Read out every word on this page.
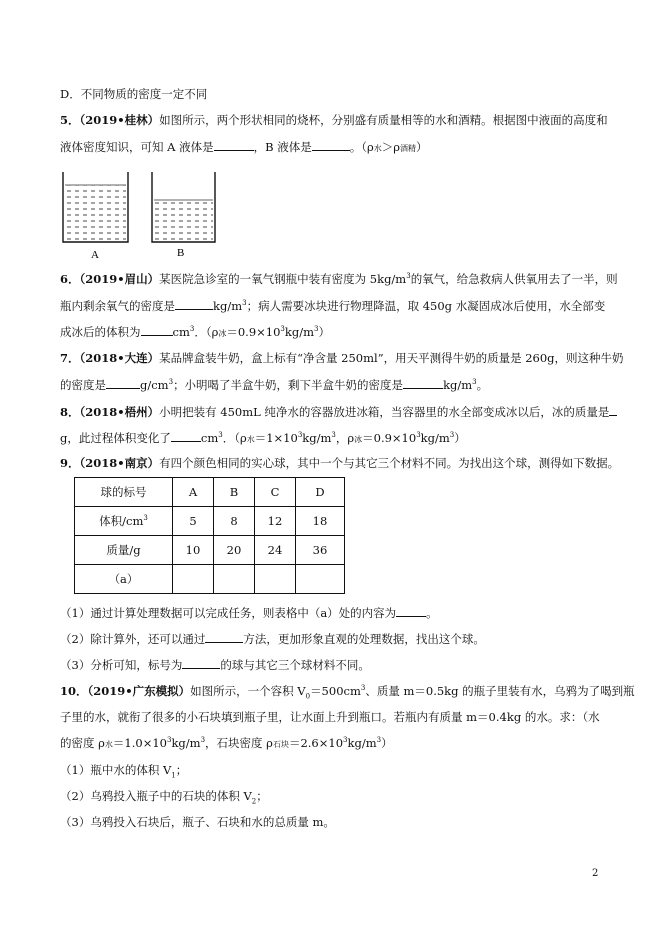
D．不同物质的密度一定不同
5．（2019•桂林）如图所示，两个形状相同的烧杯，分别盛有质量相等的水和酒精。根据图中液面的高度和
液体密度知识，可知 A 液体是	，B 液体是	。（ρ水＞ρ酒精）
A	B
6．（2019•眉山）某医院急诊室的一氧气钢瓶中装有密度为 $5kg/m^3$的氧气，给急救病人供氧用去了一半，则
瓶内剩余氧气的密度是	$kg/m^3$；病人需要冰块进行物理降温，取 450g 水凝固成冰后使用，水全部变
成冰后的体积为	$cm^3$．（ρ冰$=0.9\times 10^3kg/m^3$）
7．（2018•大连）某品牌盒装牛奶，盒上标有“净含量 250ml”，用天平测得牛奶的质量是 260g，则这种牛奶
的密度是	$g/cm^3$；小明喝了半盒牛奶，剩下半盒牛奶的密度是	$kg/m^3$。
8．（2018•梧州）小明把装有 450mL 纯净水的容器放进冰箱，当容器里的水全部变成冰以后，冰的质量是
g，此过程体积变化了	$cm^3$．（ρ水$=1\times 10^3kg/m^3$，ρ冰$=0.9\times 10^3kg/m^3$）
9．（2018•南京）有四个颜色相同的实心球，其中一个与其它三个材料不同。为找出这个球，测得如下数据。
球的标号	A	B	C	D
体积$/cm^3$	5	8	12	18
质量/g	10	20	24	36
（a）				
（1）通过计算处理数据可以完成任务，则表格中（a）处的内容为	。
（2）除计算外，还可以通过	方法，更加形象直观的处理数据，找出这个球。
（3）分析可知，标号为	的球与其它三个球材料不同。
10．（2019•广东模拟）如图所示，一个容积 $V_0=500cm^3$、质量 m＝0.5kg 的瓶子里装有水，乌鸦为了喝到瓶
子里的水，就衔了很多的小石块填到瓶子里，让水面上升到瓶口。若瓶内有质量 m＝0.4kg 的水。求：（水
的密度 ρ水$=1.0\times 10^3kg/m^3$，石块密度 ρ石块$=2.6\times 10^3kg/m^3$）
（1）瓶中水的体积 $V_1$；
（2）乌鸦投入瓶子中的石块的体积 $V_2$；
（3）乌鸦投入石块后，瓶子、石块和水的总质量 m。
2
